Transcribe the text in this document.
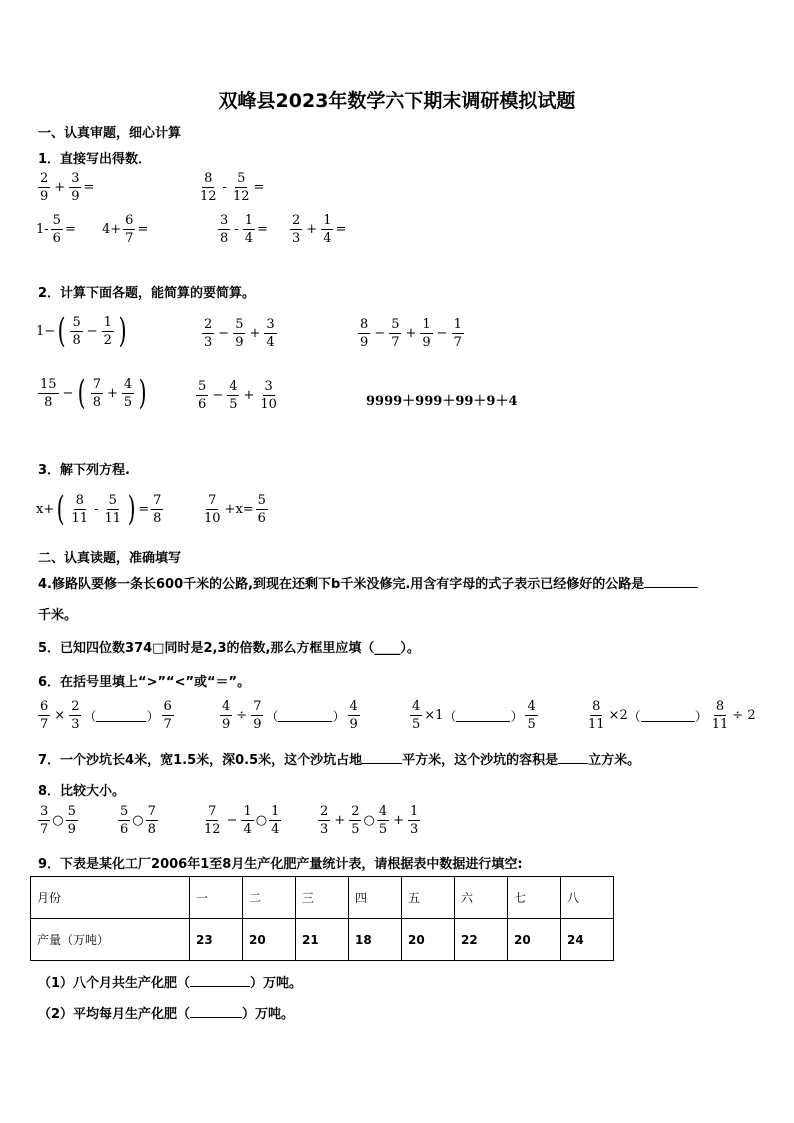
双峰县2023年数学六下期末调研模拟试题
一、认真审题，细心计算
1．直接写出得数．
$\frac{2}{9} + \frac{3}{9}$ =	$\frac{8}{12} - \frac{5}{12}$ =
$1- \frac{5}{6} = 4+ \frac{6}{7}$ =	$\frac{3}{8} - \frac{1}{4} = \frac{2}{3} + \frac{1}{4}$ =
2．计算下面各题，能简算的要简算。
1− ( $\frac{5}{8} - \frac{1}{2}$ )	$\frac{2}{3} - \frac{5}{9} + \frac{3}{4}$	$\frac{8}{9} - \frac{5}{7} + \frac{1}{9} - \frac{1}{7}$
$\frac{15}{8}$ − ( $\frac{7}{8} + \frac{4}{5}$ )	$\frac{5}{6} - \frac{4}{5} + \frac{3}{10}$	9999＋999＋99＋9＋4
3．解下列方程.
x+ ( $\frac{8}{11} - \frac{5}{11}$ ) = $\frac{7}{8}$	$\frac{7}{10} +x= \frac{5}{6}$
二、认真读题，准确填写
4.修路队要修一条长600千米的公路,到现在还剩下b千米没修完.用含有字母的式子表示已经修好的公路是
千米。
5．已知四位数374□同时是2,3的倍数,那么方框里应填（____）。
6．在括号里填上“>”“<”或“＝”。
$\frac{6}{7} \times \frac{2}{3}$ （	） $\frac{6}{7}$	$\frac{4}{9} \div \frac{7}{9}$ （	） $\frac{4}{9}$	$\frac{4}{5} \times 1$ （	） $\frac{4}{5}$	$\frac{8}{11} \times 2$ （	） $\frac{8}{11} \div 2$
7．一个沙坑长4米，宽1.5米，深0.5米，这个沙坑占地	平方米，这个沙坑的容积是 立方米。
8．比较大小。
$\frac{3}{7}$ ○ $\frac{5}{9}$	$\frac{5}{6}$ ○ $\frac{7}{8}$	$\frac{7}{12} - \frac{1}{4}$ ○ $\frac{1}{4}$	$\frac{2}{3} + \frac{2}{5}$ ○ $\frac{4}{5} + \frac{1}{3}$
9．下表是某化工厂2006年1至8月生产化肥产量统计表，请根据表中数据进行填空:
月份	一	二	三	四	五	六	七	八
产量（万吨）	23	20	21	18	20	22	20	24
（1）八个月共生产化肥（	）万吨。
（2）平均每月生产化肥（	）万吨。
